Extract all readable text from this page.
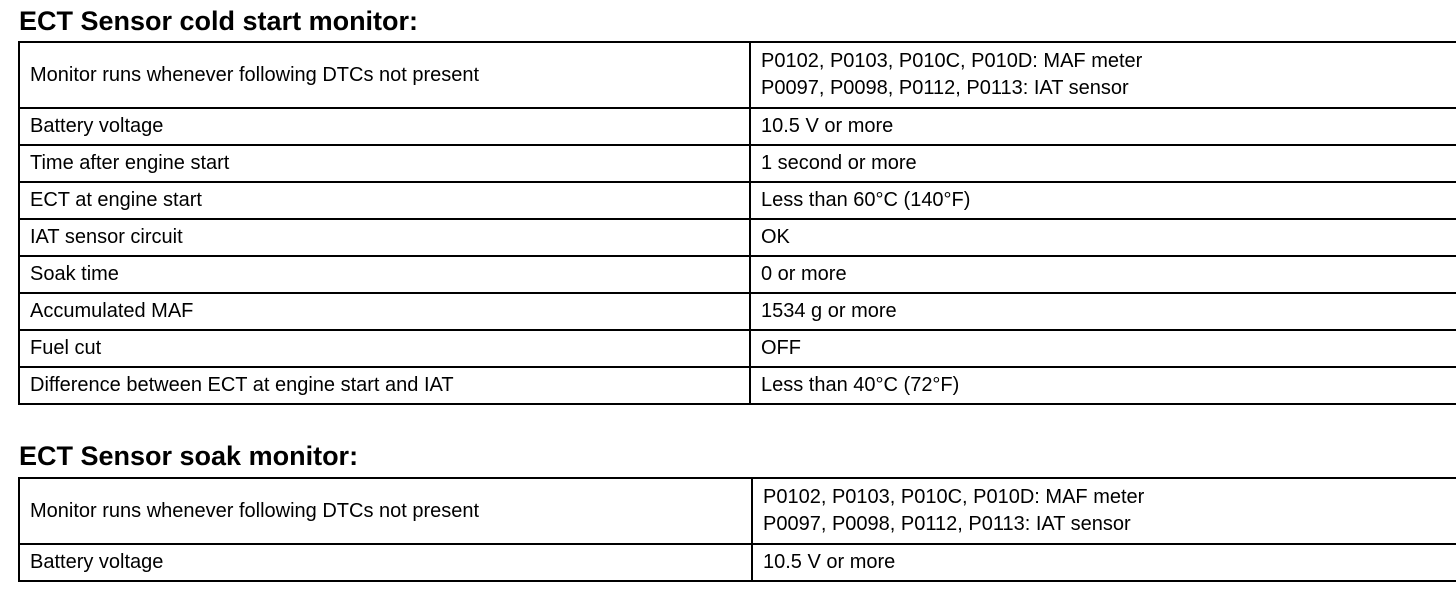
ECT Sensor cold start monitor:
Monitor runs whenever following DTCs not present	P0102, P0103, P010C, P010D: MAF meter
P0097, P0098, P0112, P0113: IAT sensor

Battery voltage	10.5 V or more
Time after engine start	1 second or more
ECT at engine start	Less than 60°C (140°F)
IAT sensor circuit	OK
Soak time	0 or more
Accumulated MAF	1534 g or more
Fuel cut	OFF
Difference between ECT at engine start and IAT	Less than 40°C (72°F)
ECT Sensor soak monitor:
Monitor runs whenever following DTCs not present	P0102, P0103, P010C, P010D: MAF meter
P0097, P0098, P0112, P0113: IAT sensor

Battery voltage	10.5 V or more
